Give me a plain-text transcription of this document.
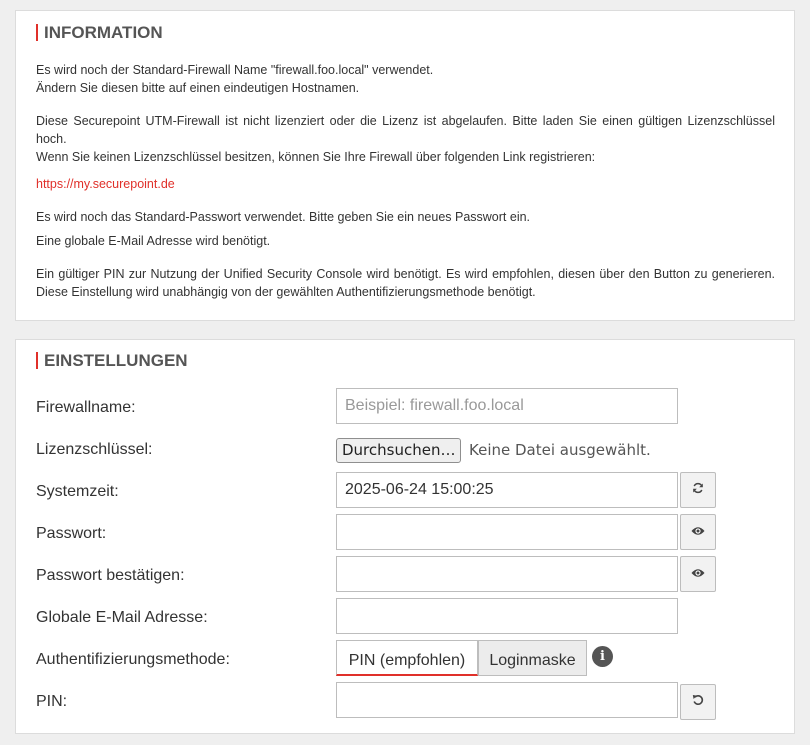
INFORMATION
Es wird noch der Standard-Firewall Name "firewall.foo.local" verwendet.
Ändern Sie diesen bitte auf einen eindeutigen Hostnamen.
Diese Securepoint UTM-Firewall ist nicht lizenziert oder die Lizenz ist abgelaufen. Bitte laden Sie einen gültigen Lizenzschlüssel hoch.
Wenn Sie keinen Lizenzschlüssel besitzen, können Sie Ihre Firewall über folgenden Link registrieren:
https://my.securepoint.de
Es wird noch das Standard-Passwort verwendet. Bitte geben Sie ein neues Passwort ein.
Eine globale E-Mail Adresse wird benötigt.
Ein gültiger PIN zur Nutzung der Unified Security Console wird benötigt. Es wird empfohlen, diesen über den Button zu generieren. Diese Einstellung wird unabhängig von der gewählten Authentifizierungsmethode benötigt.
EINSTELLUNGEN
Firewallname:
Beispiel: firewall.foo.local
Lizenzschlüssel:	Durchsuchen… Keine Datei ausgewählt.
Systemzeit:
2025-06-24 15:00:25
Passwort:
Passwort bestätigen:
Globale E-Mail Adresse:
Authentifizierungsmethode:	PIN (empfohlen)	Loginmaske	i
PIN:
